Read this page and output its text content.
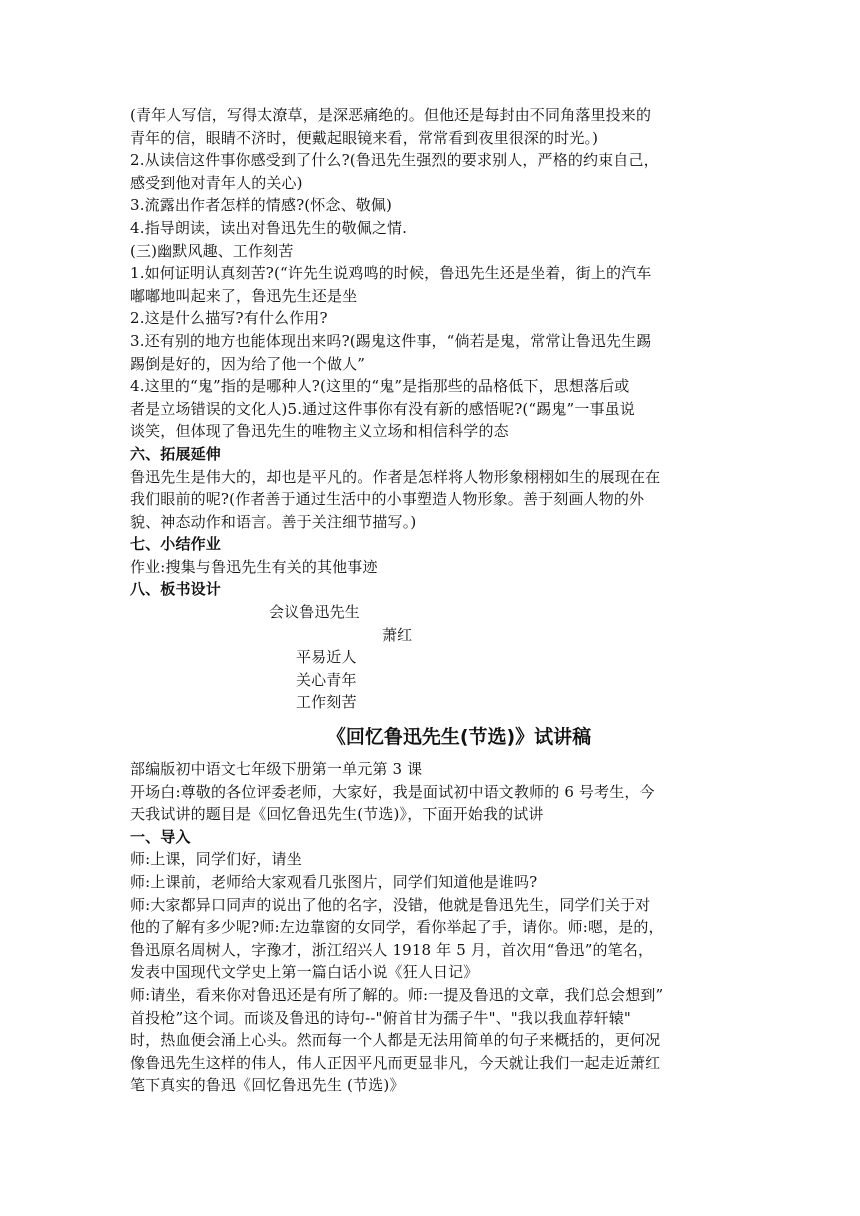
(青年人写信，写得太潦草，是深恶痛绝的。但他还是每封由不同角落里投来的

青年的信，眼睛不济时，便戴起眼镜来看，常常看到夜里很深的时光。)

2.从读信这件事你感受到了什么?(鲁迅先生强烈的要求别人，严格的约束自己，

感受到他对青年人的关心)

3.流露出作者怎样的情感?(怀念、敬佩)

4.指导朗读，读出对鲁迅先生的敬佩之情.

(三)幽默风趣、工作刻苦

1.如何证明认真刻苦?(“许先生说鸡鸣的时候，鲁迅先生还是坐着，街上的汽车

嘟嘟地叫起来了，鲁迅先生还是坐

2.这是什么描写?有什么作用?

3.还有别的地方也能体现出来吗?(踢鬼这件事，“倘若是鬼，常常让鲁迅先生踢

踢倒是好的，因为给了他一个做人”

4.这里的“鬼”指的是哪种人?(这里的“鬼”是指那些的品格低下，思想落后或

者是立场错误的文化人)5.通过这件事你有没有新的感悟呢?(“踢鬼”一事虽说

谈笑，但体现了鲁迅先生的唯物主义立场和相信科学的态

六、拓展延伸

鲁迅先生是伟大的，却也是平凡的。作者是怎样将人物形象栩栩如生的展现在在

我们眼前的呢?(作者善于通过生活中的小事塑造人物形象。善于刻画人物的外

貌、神态动作和语言。善于关注细节描写。)

七、小结作业

作业:搜集与鲁迅先生有关的其他事迹

八、板书设计

会议鲁迅先生

萧红

平易近人

关心青年

工作刻苦

《回忆鲁迅先生(节选)》试讲稿

部编版初中语文七年级下册第一单元第 3 课

开场白:尊敬的各位评委老师，大家好，我是面试初中语文教师的 6 号考生，今

天我试讲的题目是《回忆鲁迅先生(节选)》，下面开始我的试讲

一、导入

师:上课，同学们好，请坐

师:上课前，老师给大家观看几张图片，同学们知道他是谁吗?

师:大家都异口同声的说出了他的名字，没错，他就是鲁迅先生，同学们关于对

他的了解有多少呢?师:左边靠窗的女同学，看你举起了手，请你。师:嗯，是的，

鲁迅原名周树人，字豫才，浙江绍兴人 1918 年 5 月，首次用“鲁迅”的笔名，

发表中国现代文学史上第一篇白话小说《狂人日记》

师:请坐，看来你对鲁迅还是有所了解的。师:一提及鲁迅的文章，我们总会想到”

首投枪”这个词。而谈及鲁迅的诗句--"俯首甘为孺子牛"、"我以我血荐轩辕"

时，热血便会涌上心头。然而每一个人都是无法用简单的句子来概括的，更何况

像鲁迅先生这样的伟人，伟人正因平凡而更显非凡，今天就让我们一起走近萧红

笔下真实的鲁迅《回忆鲁迅先生 (节选)》
